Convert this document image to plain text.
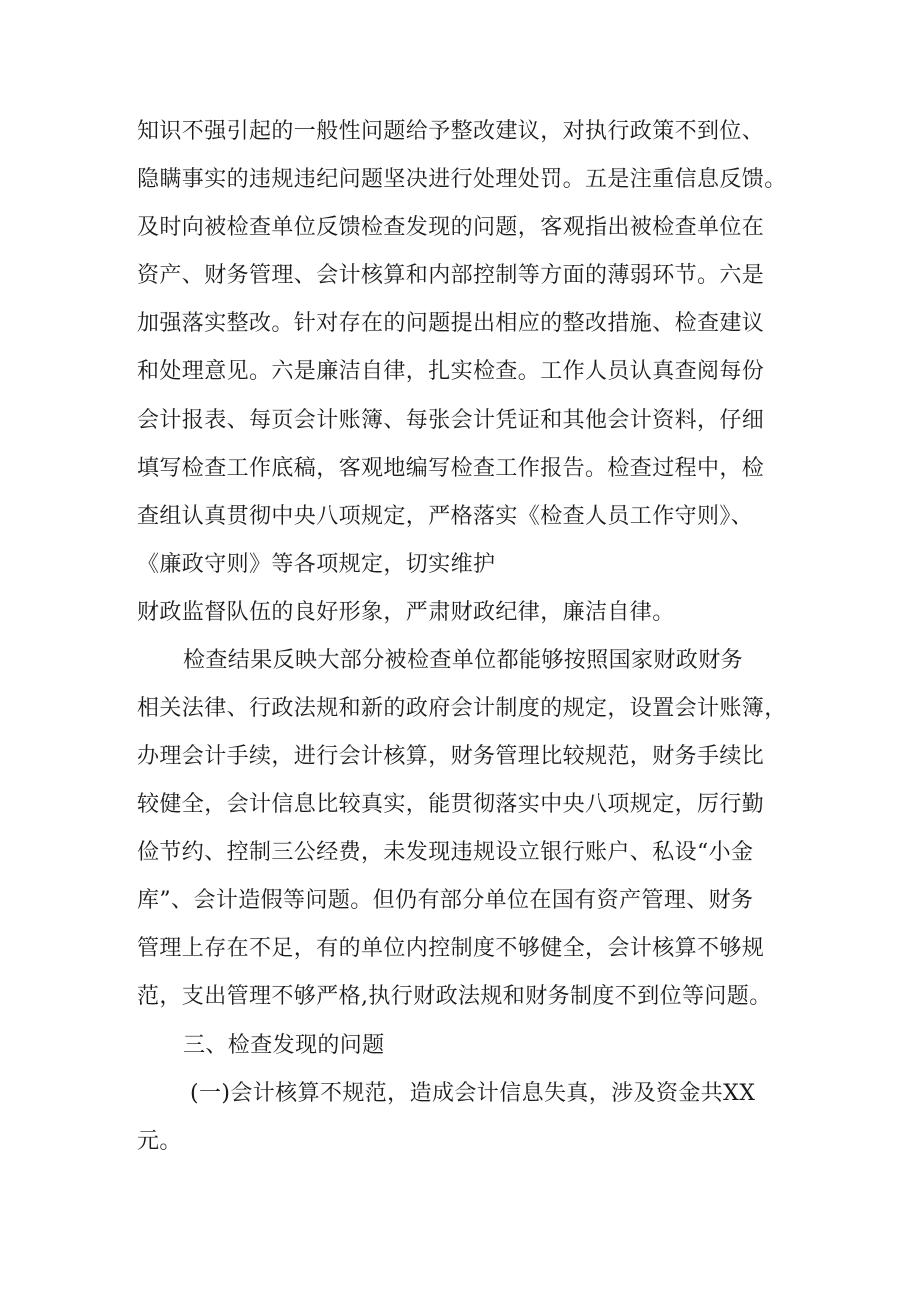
知识不强引起的一般性问题给予整改建议，对执行政策不到位、
隐瞒事实的违规违纪问题坚决进行处理处罚。五是注重信息反馈。
及时向被检查单位反馈检查发现的问题，客观指出被检查单位在
资产、财务管理、会计核算和内部控制等方面的薄弱环节。六是
加强落实整改。针对存在的问题提出相应的整改措施、检查建议
和处理意见。六是廉洁自律，扎实检查。工作人员认真查阅每份
会计报表、每页会计账簿、每张会计凭证和其他会计资料，仔细
填写检查工作底稿，客观地编写检查工作报告。检查过程中，检
查组认真贯彻中央八项规定，严格落实《检查人员工作守则》、
《廉政守则》等各项规定，切实维护
财政监督队伍的良好形象，严肃财政纪律，廉洁自律。
检查结果反映大部分被检查单位都能够按照国家财政财务
相关法律、行政法规和新的政府会计制度的规定，设置会计账簿，
办理会计手续，进行会计核算，财务管理比较规范，财务手续比
较健全，会计信息比较真实，能贯彻落实中央八项规定，厉行勤
俭节约、控制三公经费，未发现违规设立银行账户、私设“小金
库”、会计造假等问题。但仍有部分单位在国有资产管理、财务
管理上存在不足，有的单位内控制度不够健全，会计核算不够规
范，支出管理不够严格,执行财政法规和财务制度不到位等问题。
三、检查发现的问题
(一)会计核算不规范，造成会计信息失真，涉及资金共XX
元。
